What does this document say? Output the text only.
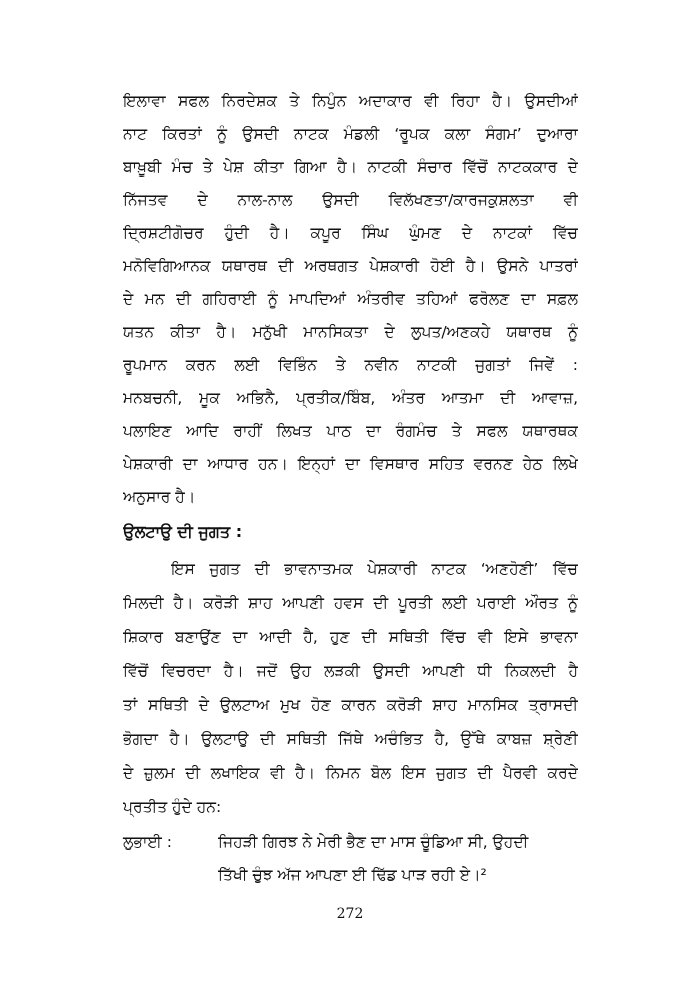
ਇਲਾਵਾ ਸਫਲ ਨਿਰਦੇਸ਼ਕ ਤੇ ਨਿਪੁੰਨ ਅਦਾਕਾਰ ਵੀ ਰਿਹਾ ਹੈ। ਉਸਦੀਆਂ
ਨਾਟ ਕਿਰਤਾਂ ਨੂੰ ਉਸਦੀ ਨਾਟਕ ਮੰਡਲੀ ‘ਰੂਪਕ ਕਲਾ ਸੰਗਮ’ ਦੁਆਰਾ
ਬਾਖ਼ੂਬੀ ਮੰਚ ਤੇ ਪੇਸ਼ ਕੀਤਾ ਗਿਆ ਹੈ। ਨਾਟਕੀ ਸੰਚਾਰ ਵਿੱਚੋਂ ਨਾਟਕਕਾਰ ਦੇ
ਨਿੱਜਤਵ ਦੇ ਨਾਲ-ਨਾਲ ਉਸਦੀ ਵਿਲੱਖਣਤਾ/ਕਾਰਜਕੁਸ਼ਲਤਾ ਵੀ
ਦ੍ਰਿਸ਼ਟੀਗੋਚਰ ਹੁੰਦੀ ਹੈ। ਕਪੂਰ ਸਿੰਘ ਘੁੰਮਣ ਦੇ ਨਾਟਕਾਂ ਵਿੱਚ
ਮਨੋਵਿਗਿਆਨਕ ਯਥਾਰਥ ਦੀ ਅਰਥਗਤ ਪੇਸ਼ਕਾਰੀ ਹੋਈ ਹੈ। ਉਸਨੇ ਪਾਤਰਾਂ
ਦੇ ਮਨ ਦੀ ਗਹਿਰਾਈ ਨੂੰ ਮਾਪਦਿਆਂ ਅੰਤਰੀਵ ਤਹਿਆਂ ਫਰੋਲਣ ਦਾ ਸਫ਼ਲ
ਯਤਨ ਕੀਤਾ ਹੈ। ਮਨੁੱਖੀ ਮਾਨਸਿਕਤਾ ਦੇ ਲੁਪਤ/ਅਣਕਹੇ ਯਥਾਰਥ ਨੂੰ
ਰੂਪਮਾਨ ਕਰਨ ਲਈ ਵਿਭਿੰਨ ਤੇ ਨਵੀਨ ਨਾਟਕੀ ਜੁਗਤਾਂ ਜਿਵੇਂ :
ਮਨਬਚਨੀ, ਮੂਕ ਅਭਿਨੈ, ਪ੍ਰਤੀਕ/ਬਿੰਬ, ਅੰਤਰ ਆਤਮਾ ਦੀ ਆਵਾਜ਼,
ਪਲਾਇਣ ਆਦਿ ਰਾਹੀਂ ਲਿਖਤ ਪਾਠ ਦਾ ਰੰਗਮੰਚ ਤੇ ਸਫਲ ਯਥਾਰਥਕ
ਪੇਸ਼ਕਾਰੀ ਦਾ ਆਧਾਰ ਹਨ। ਇਨ੍ਹਾਂ ਦਾ ਵਿਸਥਾਰ ਸਹਿਤ ਵਰਨਣ ਹੇਠ ਲਿਖੇ
ਅਨੁਸਾਰ ਹੈ।
ਉਲਟਾਉ ਦੀ ਜੁਗਤ :
ਇਸ ਜੁਗਤ ਦੀ ਭਾਵਨਾਤਮਕ ਪੇਸ਼ਕਾਰੀ ਨਾਟਕ ‘ਅਣਹੋਣੀ’ ਵਿੱਚ
ਮਿਲਦੀ ਹੈ। ਕਰੋੜੀ ਸ਼ਾਹ ਆਪਣੀ ਹਵਸ ਦੀ ਪੂਰਤੀ ਲਈ ਪਰਾਈ ਔਰਤ ਨੂੰ
ਸ਼ਿਕਾਰ ਬਣਾਉਂਣ ਦਾ ਆਦੀ ਹੈ, ਹੁਣ ਦੀ ਸਥਿਤੀ ਵਿੱਚ ਵੀ ਇਸੇ ਭਾਵਨਾ
ਵਿੱਚੋਂ ਵਿਚਰਦਾ ਹੈ। ਜਦੋਂ ਉਹ ਲੜਕੀ ਉਸਦੀ ਆਪਣੀ ਧੀ ਨਿਕਲਦੀ ਹੈ
ਤਾਂ ਸਥਿਤੀ ਦੇ ਉਲਟਾਅ ਮੁਖ ਹੋਣ ਕਾਰਨ ਕਰੋੜੀ ਸ਼ਾਹ ਮਾਨਸਿਕ ਤ੍ਰਾਸਦੀ
ਭੋਗਦਾ ਹੈ। ਉਲਟਾਉ ਦੀ ਸਥਿਤੀ ਜਿੱਥੇ ਅਚੰਭਿਤ ਹੈ, ਉੱਥੇ ਕਾਬਜ਼ ਸ਼੍ਰੇਣੀ
ਦੇ ਜ਼ੁਲਮ ਦੀ ਲਖਾਇਕ ਵੀ ਹੈ। ਨਿਮਨ ਬੋਲ ਇਸ ਜੁਗਤ ਦੀ ਪੈਰਵੀ ਕਰਦੇ
ਪ੍ਰਤੀਤ ਹੁੰਦੇ ਹਨ:
ਲੁਭਾਈ :	ਜਿਹੜੀ ਗਿਰਝ ਨੇ ਮੇਰੀ ਭੈਣ ਦਾ ਮਾਸ ਚੂੰਡਿਆ ਸੀ, ਉਹਦੀ
ਤਿੱਖੀ ਚੁੰਝ ਅੱਜ ਆਪਣਾ ਈ ਢਿੱਡ ਪਾੜ ਰਹੀ ਏ।²
272
